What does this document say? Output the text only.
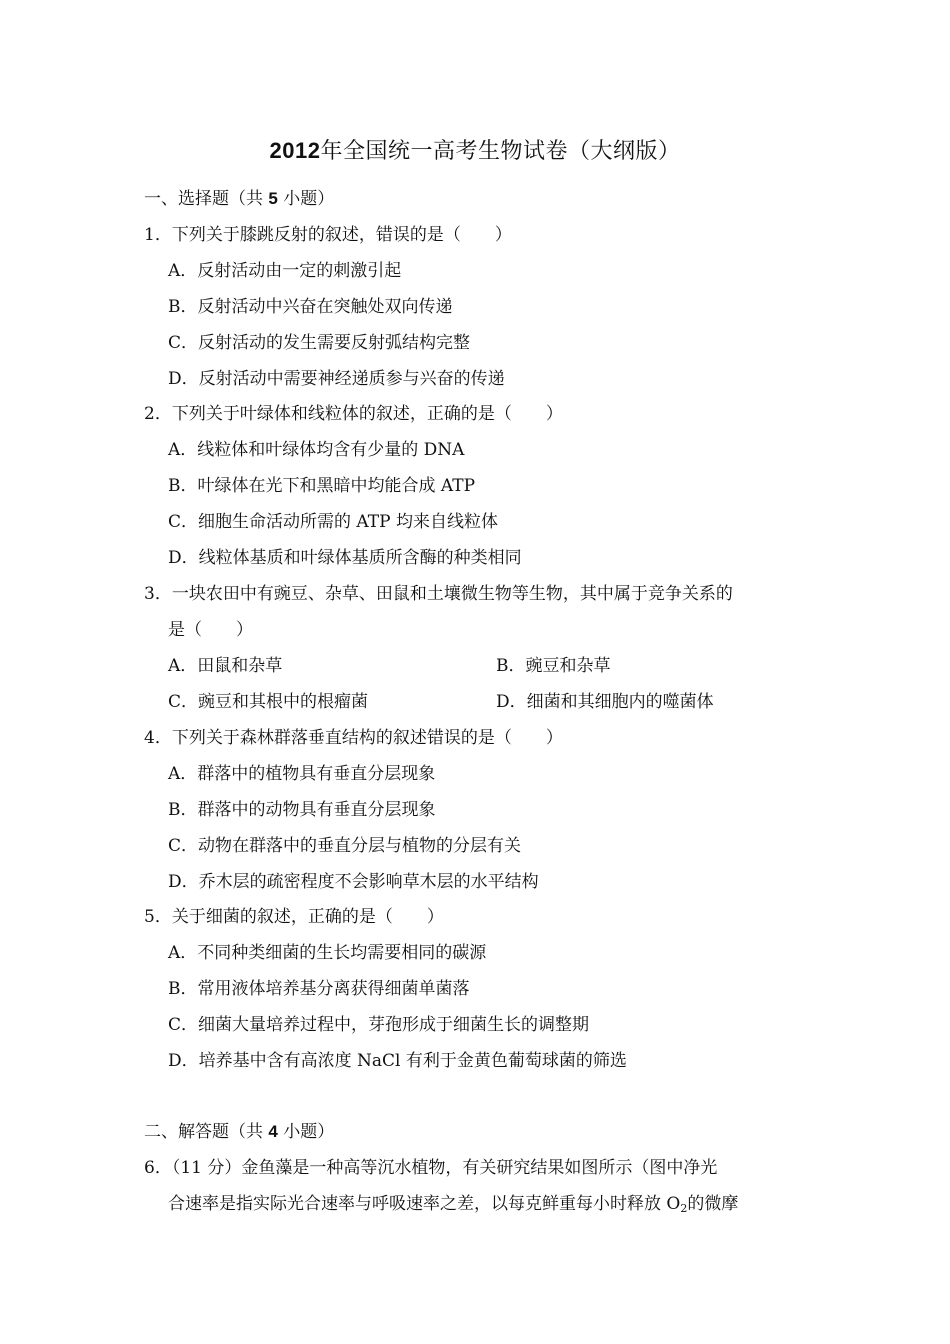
2012年全国统一高考生物试卷（大纲版）
一、选择题（共 5 小题）
1．下列关于膝跳反射的叙述，错误的是（　　）
A．反射活动由一定的刺激引起
B．反射活动中兴奋在突触处双向传递
C．反射活动的发生需要反射弧结构完整
D．反射活动中需要神经递质参与兴奋的传递
2．下列关于叶绿体和线粒体的叙述，正确的是（　　）
A．线粒体和叶绿体均含有少量的 DNA
B．叶绿体在光下和黑暗中均能合成 ATP
C．细胞生命活动所需的 ATP 均来自线粒体
D．线粒体基质和叶绿体基质所含酶的种类相同
3．一块农田中有豌豆、杂草、田鼠和土壤微生物等生物，其中属于竞争关系的
是（　　）
A．田鼠和杂草	B．豌豆和杂草
C．豌豆和其根中的根瘤菌	D．细菌和其细胞内的噬菌体
4．下列关于森林群落垂直结构的叙述错误的是（　　）
A．群落中的植物具有垂直分层现象
B．群落中的动物具有垂直分层现象
C．动物在群落中的垂直分层与植物的分层有关
D．乔木层的疏密程度不会影响草木层的水平结构
5．关于细菌的叙述，正确的是（　　）
A．不同种类细菌的生长均需要相同的碳源
B．常用液体培养基分离获得细菌单菌落
C．细菌大量培养过程中，芽孢形成于细菌生长的调整期
D．培养基中含有高浓度 NaCl 有利于金黄色葡萄球菌的筛选
二、解答题（共 4 小题）
6．（11 分）金鱼藻是一种高等沉水植物，有关研究结果如图所示（图中净光
合速率是指实际光合速率与呼吸速率之差，以每克鲜重每小时释放 $O_2$的微摩
